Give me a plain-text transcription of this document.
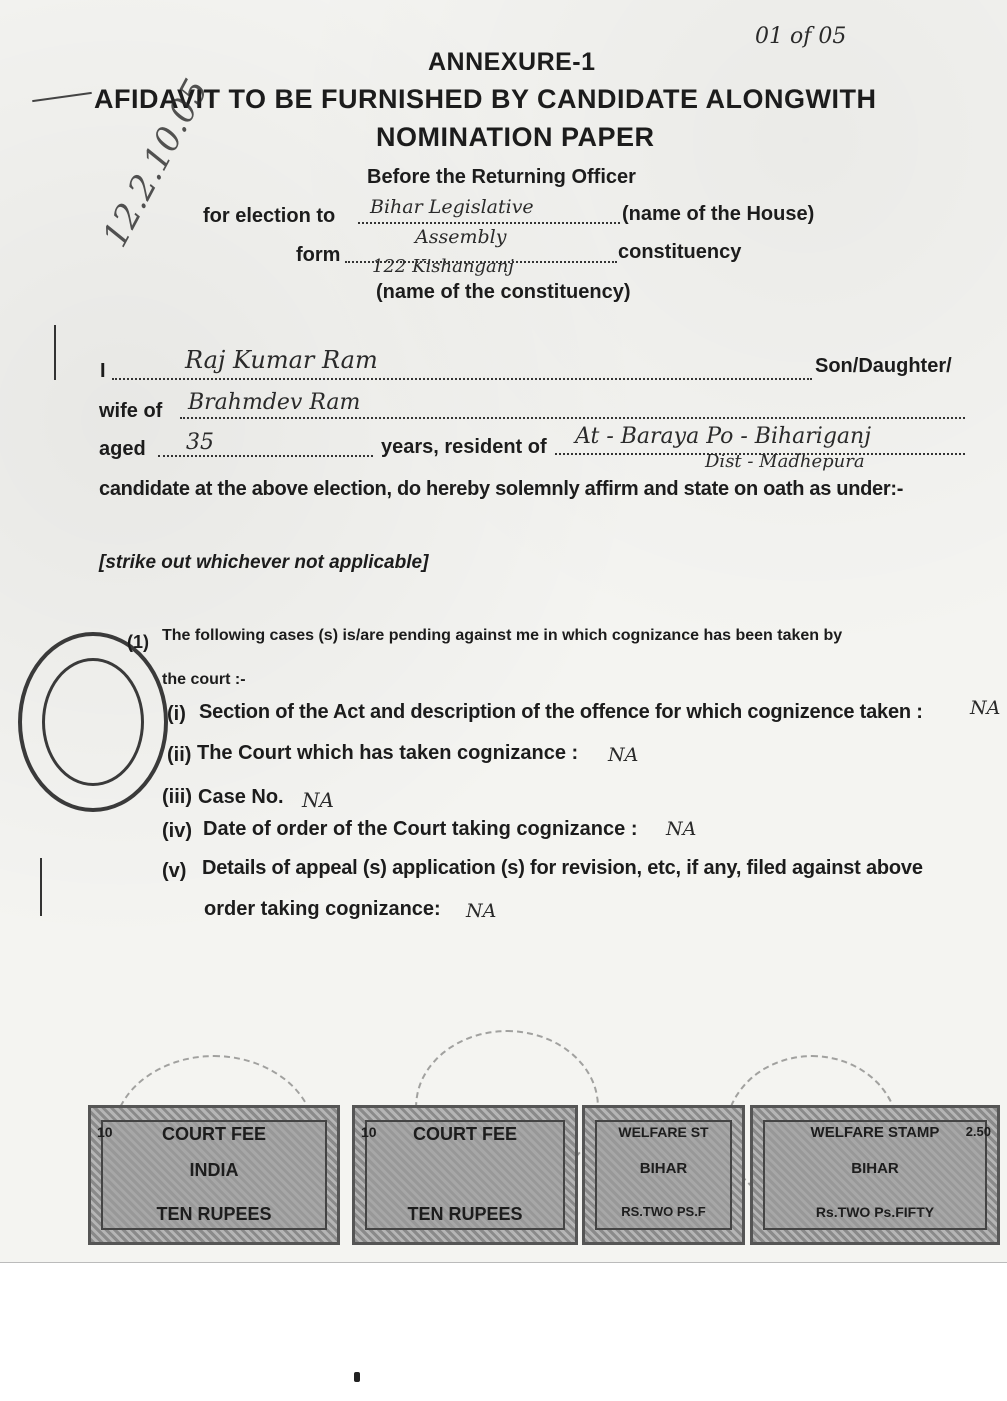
01 of 05
ANNEXURE-1
AFIDAVIT TO BE FURNISHED BY CANDIDATE ALONGWITH
NOMINATION PAPER
Before the Returning Officer
12.2.10.05
for election to Bihar Legislative	(name of the House)
Assembly
form	constituency
122 Kishanganj
(name of the constituency)
I	Raj Kumar Ram	Son/Daughter/
wife of Brahmdev Ram
aged 35	years, resident of At - Baraya Po - Bihariganj
Dist - Madhepura
candidate at the above election, do hereby solemnly affirm and state on oath as under:-
[strike out whichever not applicable]
(1) The following cases (s) is/are pending against me in which cognizance has been taken by
the court :-
(i) Section of the Act and description of the offence for which cognizence taken : NA
(ii) The Court which has taken cognizance : NA
(iii) Case No. NA
(iv) Date of order of the Court taking cognizance : NA
(v) Details of appeal (s) application (s) for revision, etc, if any, filed against above
order taking cognizance: NA
COURT FEE
INDIA
TEN RUPEES
10	COURT FEE
TEN RUPEES
10	WELFARE ST
BIHAR
RS.TWO PS.F
WELFARE STAMP
BIHAR
Rs.TWO Ps.FIFTY
2.50
